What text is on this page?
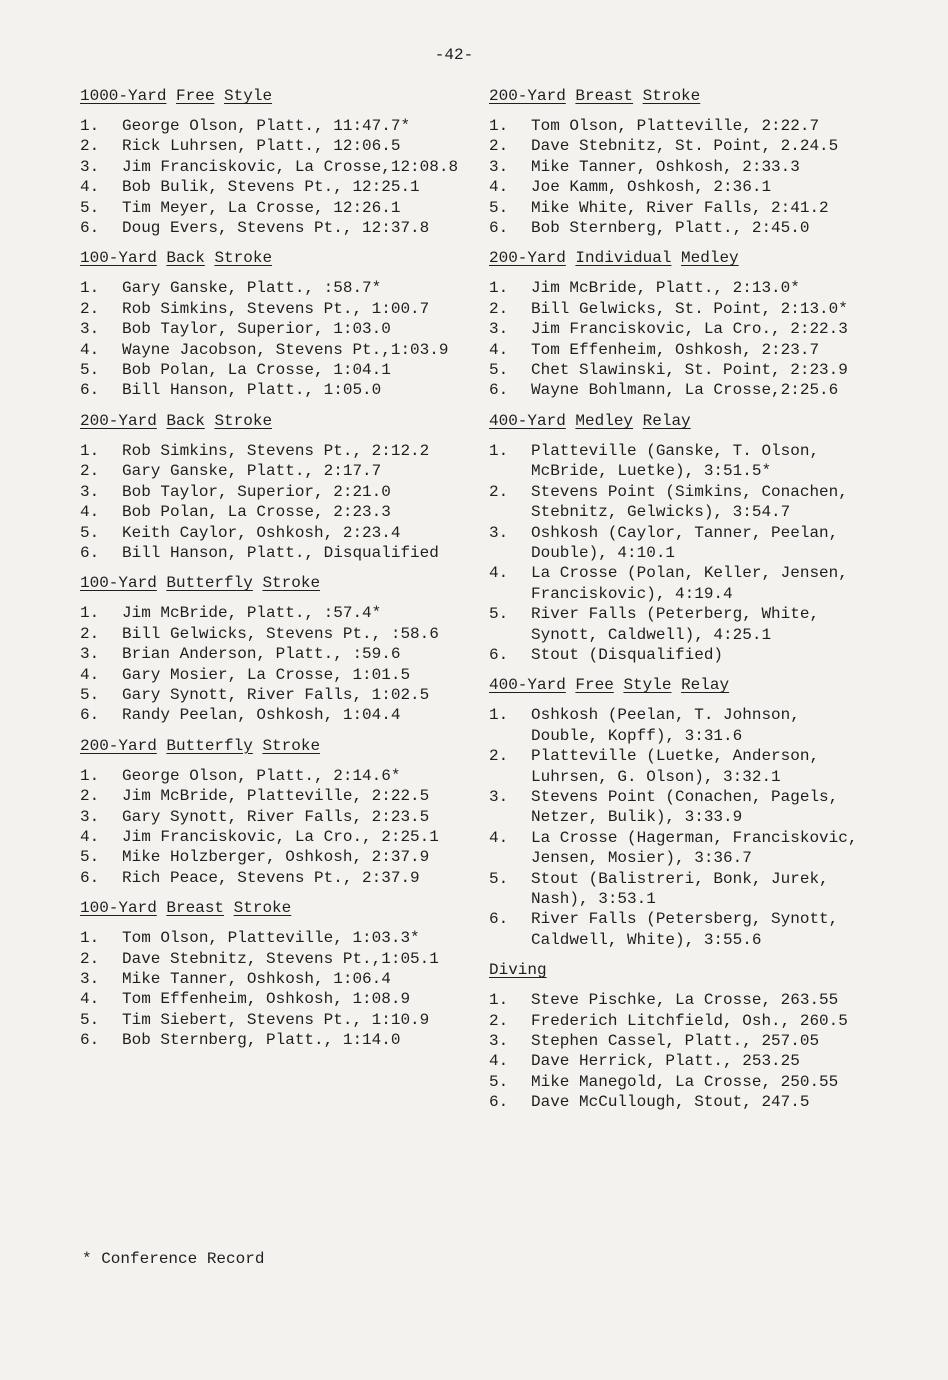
-42-
1000-Yard Free Style
1.	George Olson, Platt., 11:47.7*
2.	Rick Luhrsen, Platt., 12:06.5
3.	Jim Franciskovic, La Crosse,12:08.8
4.	Bob Bulik, Stevens Pt., 12:25.1
5.	Tim Meyer, La Crosse, 12:26.1
6.	Doug Evers, Stevens Pt., 12:37.8
100-Yard Back Stroke
1.	Gary Ganske, Platt., :58.7*
2.	Rob Simkins, Stevens Pt., 1:00.7
3.	Bob Taylor, Superior, 1:03.0
4.	Wayne Jacobson, Stevens Pt.,1:03.9
5.	Bob Polan, La Crosse, 1:04.1
6.	Bill Hanson, Platt., 1:05.0
200-Yard Back Stroke
1.	Rob Simkins, Stevens Pt., 2:12.2
2.	Gary Ganske, Platt., 2:17.7
3.	Bob Taylor, Superior, 2:21.0
4.	Bob Polan, La Crosse, 2:23.3
5.	Keith Caylor, Oshkosh, 2:23.4
6.	Bill Hanson, Platt., Disqualified
100-Yard Butterfly Stroke
1.	Jim McBride, Platt., :57.4*
2.	Bill Gelwicks, Stevens Pt., :58.6
3.	Brian Anderson, Platt., :59.6
4.	Gary Mosier, La Crosse, 1:01.5
5.	Gary Synott, River Falls, 1:02.5
6.	Randy Peelan, Oshkosh, 1:04.4
200-Yard Butterfly Stroke
1.	George Olson, Platt., 2:14.6*
2.	Jim McBride, Platteville, 2:22.5
3.	Gary Synott, River Falls, 2:23.5
4.	Jim Franciskovic, La Cro., 2:25.1
5.	Mike Holzberger, Oshkosh, 2:37.9
6.	Rich Peace, Stevens Pt., 2:37.9
100-Yard Breast Stroke
1.	Tom Olson, Platteville, 1:03.3*
2.	Dave Stebnitz, Stevens Pt.,1:05.1
3.	Mike Tanner, Oshkosh, 1:06.4
4.	Tom Effenheim, Oshkosh, 1:08.9
5.	Tim Siebert, Stevens Pt., 1:10.9
6.	Bob Sternberg, Platt., 1:14.0
200-Yard Breast Stroke
1.	Tom Olson, Platteville, 2:22.7
2.	Dave Stebnitz, St. Point, 2.24.5
3.	Mike Tanner, Oshkosh, 2:33.3
4.	Joe Kamm, Oshkosh, 2:36.1
5.	Mike White, River Falls, 2:41.2
6.	Bob Sternberg, Platt., 2:45.0
200-Yard Individual Medley
1.	Jim McBride, Platt., 2:13.0*
2.	Bill Gelwicks, St. Point, 2:13.0*
3.	Jim Franciskovic, La Cro., 2:22.3
4.	Tom Effenheim, Oshkosh, 2:23.7
5.	Chet Slawinski, St. Point, 2:23.9
6.	Wayne Bohlmann, La Crosse,2:25.6
400-Yard Medley Relay
1.	Platteville (Ganske, T. Olson,
McBride, Luetke), 3:51.5*
2.	Stevens Point (Simkins, Conachen,
Stebnitz, Gelwicks), 3:54.7
3.	Oshkosh (Caylor, Tanner, Peelan,
Double), 4:10.1
4.	La Crosse (Polan, Keller, Jensen,
Franciskovic), 4:19.4
5.	River Falls (Peterberg, White,
Synott, Caldwell), 4:25.1
6.	Stout (Disqualified)
400-Yard Free Style Relay
1.	Oshkosh (Peelan, T. Johnson,
Double, Kopff), 3:31.6
2.	Platteville (Luetke, Anderson,
Luhrsen, G. Olson), 3:32.1
3.	Stevens Point (Conachen, Pagels,
Netzer, Bulik), 3:33.9
4.	La Crosse (Hagerman, Franciskovic,
Jensen, Mosier), 3:36.7
5.	Stout (Balistreri, Bonk, Jurek,
Nash), 3:53.1
6.	River Falls (Petersberg, Synott,
Caldwell, White), 3:55.6
Diving
1.	Steve Pischke, La Crosse, 263.55
2.	Frederich Litchfield, Osh., 260.5
3.	Stephen Cassel, Platt., 257.05
4.	Dave Herrick, Platt., 253.25
5.	Mike Manegold, La Crosse, 250.55
6.	Dave McCullough, Stout, 247.5
* Conference Record
